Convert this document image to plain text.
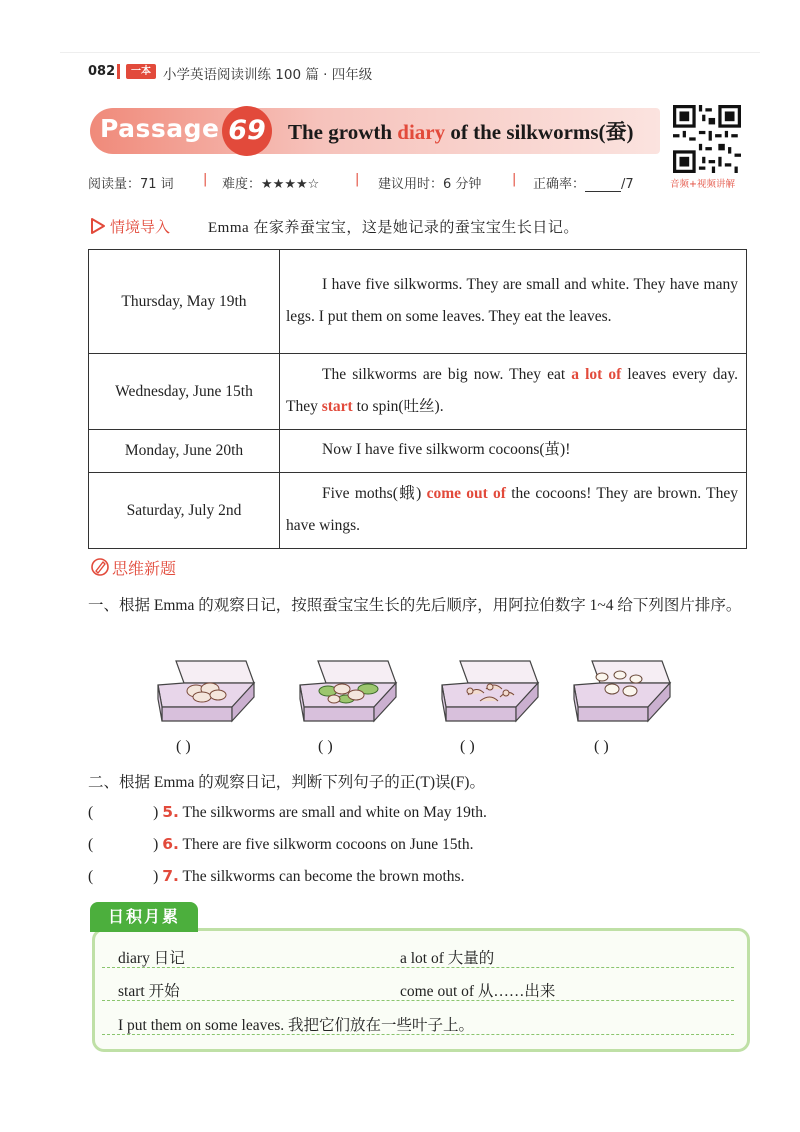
082	一本 小学英语阅读训练 100 篇 · 四年级
Passage 69 The growth diary of the silkworms(蚕)
音频+视频讲解
阅读量：71 词 | 难度：★★★★☆	| 建议用时：6 分钟 | 正确率：	/7
情境导入	Emma 在家养蚕宝宝，这是她记录的蚕宝宝生长日记。
Thursday, May 19th	I have five silkworms. They are small and white. They have many legs. I put them on some leaves. They eat the leaves.
Wednesday, June 15th	The silkworms are big now. They eat a lot of leaves every day. They start to spin(吐丝).
Monday, June 20th	Now I have five silkworm cocoons(茧)!
Saturday, July 2nd	Five moths(蛾) come out of the cocoons! They are brown. They have wings.
思维新题
一、根据 Emma 的观察日记，按照蚕宝宝生长的先后顺序，用阿拉伯数字 1~4 给下列图片排序。
( )	( )	( )	( )
二、根据 Emma 的观察日记，判断下列句子的正(T)误(F)。
(	) 5. The silkworms are small and white on May 19th.
(	) 6. There are five silkworm cocoons on June 15th.
(	) 7. The silkworms can become the brown moths.
日积月累
diary 日记	a lot of 大量的
start 开始	come out of 从……出来
I put them on some leaves. 我把它们放在一些叶子上。
